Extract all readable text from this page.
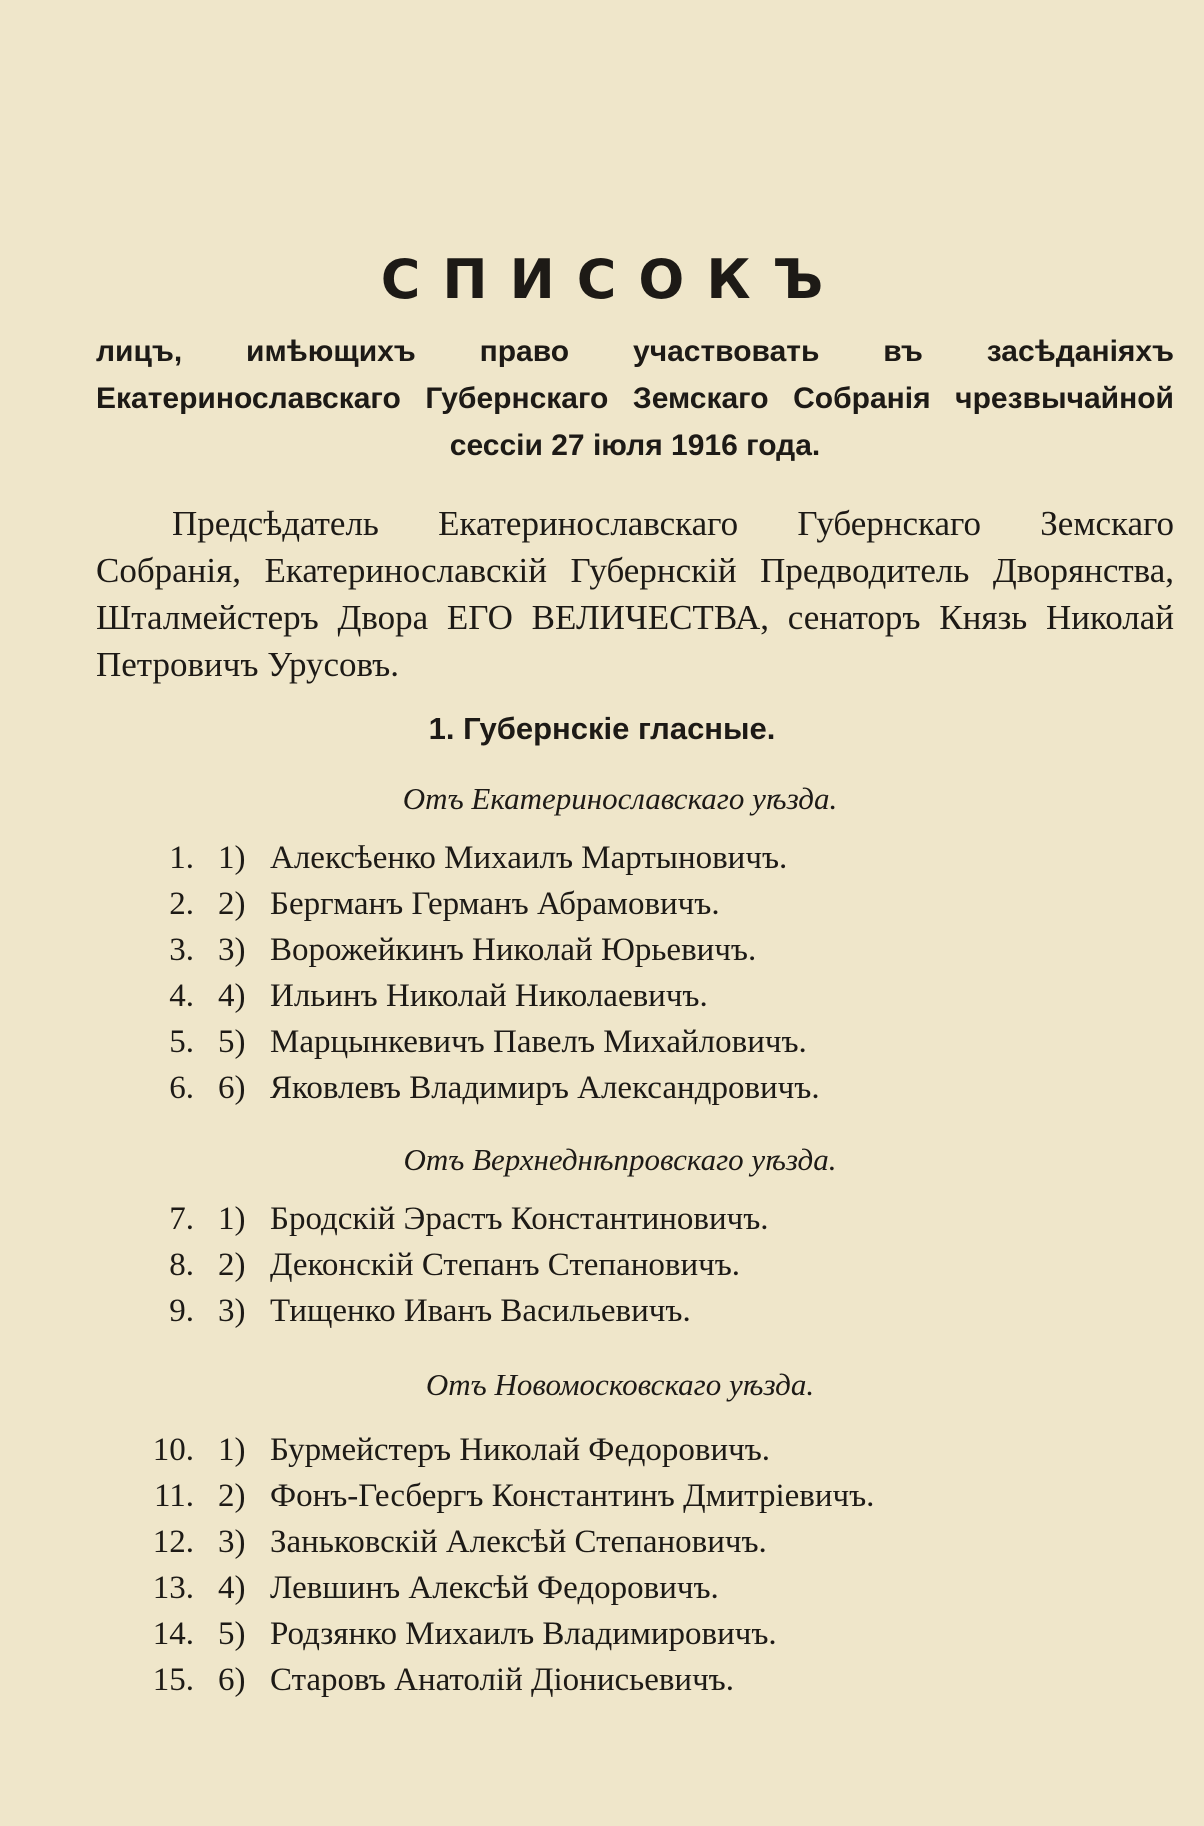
СПИСОКЪ
лицъ, имѣющихъ право участвовать въ засѣданіяхъ Екатеринославскаго Губернскаго Земскаго Собранія чрезвычайной сессіи 27 іюля 1916 года.
Предсѣдатель Екатеринославскаго Губернскаго Земскаго Собранія, Екатеринославскій Губернскій Предводитель Дворянства, Шталмейстеръ Двора ЕГО ВЕЛИЧЕСТВА, сенаторъ Князь Николай Петровичъ Урусовъ.
1. Губернскіе гласные.
Отъ Екатеринославскаго уѣзда.
1. 1) Алексѣенко Михаилъ Мартыновичъ.
2. 2) Бергманъ Германъ Абрамовичъ.
3. 3) Ворожейкинъ Николай Юрьевичъ.
4. 4) Ильинъ Николай Николаевичъ.
5. 5) Марцынкевичъ Павелъ Михайловичъ.
6. 6) Яковлевъ Владимиръ Александровичъ.
Отъ Верхнеднѣпровскаго уѣзда.
7. 1) Бродскій Эрастъ Константиновичъ.
8. 2) Деконскій Степанъ Степановичъ.
9. 3) Тищенко Иванъ Васильевичъ.
Отъ Новомосковскаго уѣзда.
10. 1) Бурмейстеръ Николай Федоровичъ.
11. 2) Фонъ-Гесбергъ Константинъ Дмитріевичъ.
12. 3) Заньковскій Алексѣй Степановичъ.
13. 4) Левшинъ Алексѣй Федоровичъ.
14. 5) Родзянко Михаилъ Владимировичъ.
15. 6) Старовъ Анатолій Діонисьевичъ.
